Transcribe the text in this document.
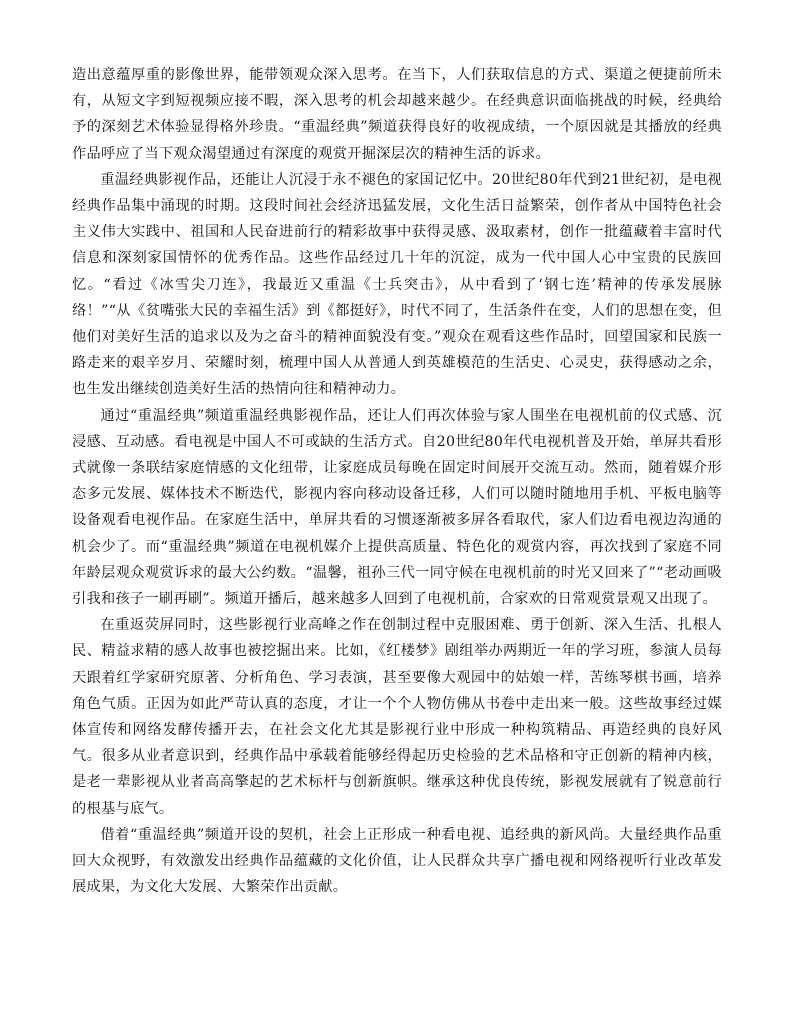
造出意蕴厚重的影像世界，能带领观众深入思考。在当下，人们获取信息的方式、渠道之便捷前所未有，从短文字到短视频应接不暇，深入思考的机会却越来越少。在经典意识面临挑战的时候，经典给予的深刻艺术体验显得格外珍贵。“重温经典”频道获得良好的收视成绩，一个原因就是其播放的经典作品呼应了当下观众渴望通过有深度的观赏开掘深层次的精神生活的诉求。

重温经典影视作品，还能让人沉浸于永不褪色的家国记忆中。20世纪80年代到21世纪初，是电视经典作品集中涌现的时期。这段时间社会经济迅猛发展，文化生活日益繁荣，创作者从中国特色社会主义伟大实践中、祖国和人民奋进前行的精彩故事中获得灵感、汲取素材，创作一批蕴藏着丰富时代信息和深刻家国情怀的优秀作品。这些作品经过几十年的沉淀，成为一代中国人心中宝贵的民族回忆。“看过《冰雪尖刀连》，我最近又重温《士兵突击》，从中看到了‘钢七连’精神的传承发展脉络！”“从《贫嘴张大民的幸福生活》到《都挺好》，时代不同了，生活条件在变，人们的思想在变，但他们对美好生活的追求以及为之奋斗的精神面貌没有变。”观众在观看这些作品时，回望国家和民族一路走来的艰辛岁月、荣耀时刻，梳理中国人从普通人到英雄模范的生活史、心灵史，获得感动之余，也生发出继续创造美好生活的热情向往和精神动力。

通过“重温经典”频道重温经典影视作品，还让人们再次体验与家人围坐在电视机前的仪式感、沉浸感、互动感。看电视是中国人不可或缺的生活方式。自20世纪80年代电视机普及开始，单屏共看形式就像一条联结家庭情感的文化纽带，让家庭成员每晚在固定时间展开交流互动。然而，随着媒介形态多元发展、媒体技术不断迭代，影视内容向移动设备迁移，人们可以随时随地用手机、平板电脑等设备观看电视作品。在家庭生活中，单屏共看的习惯逐渐被多屏各看取代，家人们边看电视边沟通的机会少了。而“重温经典”频道在电视机媒介上提供高质量、特色化的观赏内容，再次找到了家庭不同年龄层观众观赏诉求的最大公约数。“温馨，祖孙三代一同守候在电视机前的时光又回来了”“老动画吸引我和孩子一刷再刷”。频道开播后，越来越多人回到了电视机前，合家欢的日常观赏景观又出现了。

在重返荧屏同时，这些影视行业高峰之作在创制过程中克服困难、勇于创新、深入生活、扎根人民、精益求精的感人故事也被挖掘出来。比如，《红楼梦》剧组举办两期近一年的学习班，参演人员每天跟着红学家研究原著、分析角色、学习表演，甚至要像大观园中的姑娘一样，苦练琴棋书画，培养角色气质。正因为如此严苛认真的态度，才让一个个人物仿佛从书卷中走出来一般。这些故事经过媒体宣传和网络发酵传播开去，在社会文化尤其是影视行业中形成一种构筑精品、再造经典的良好风气。很多从业者意识到，经典作品中承载着能够经得起历史检验的艺术品格和守正创新的精神内核，是老一辈影视从业者高高擎起的艺术标杆与创新旗帜。继承这种优良传统，影视发展就有了锐意前行的根基与底气。

借着“重温经典”频道开设的契机，社会上正形成一种看电视、追经典的新风尚。大量经典作品重回大众视野，有效激发出经典作品蕴藏的文化价值，让人民群众共享广播电视和网络视听行业改革发展成果，为文化大发展、大繁荣作出贡献。
